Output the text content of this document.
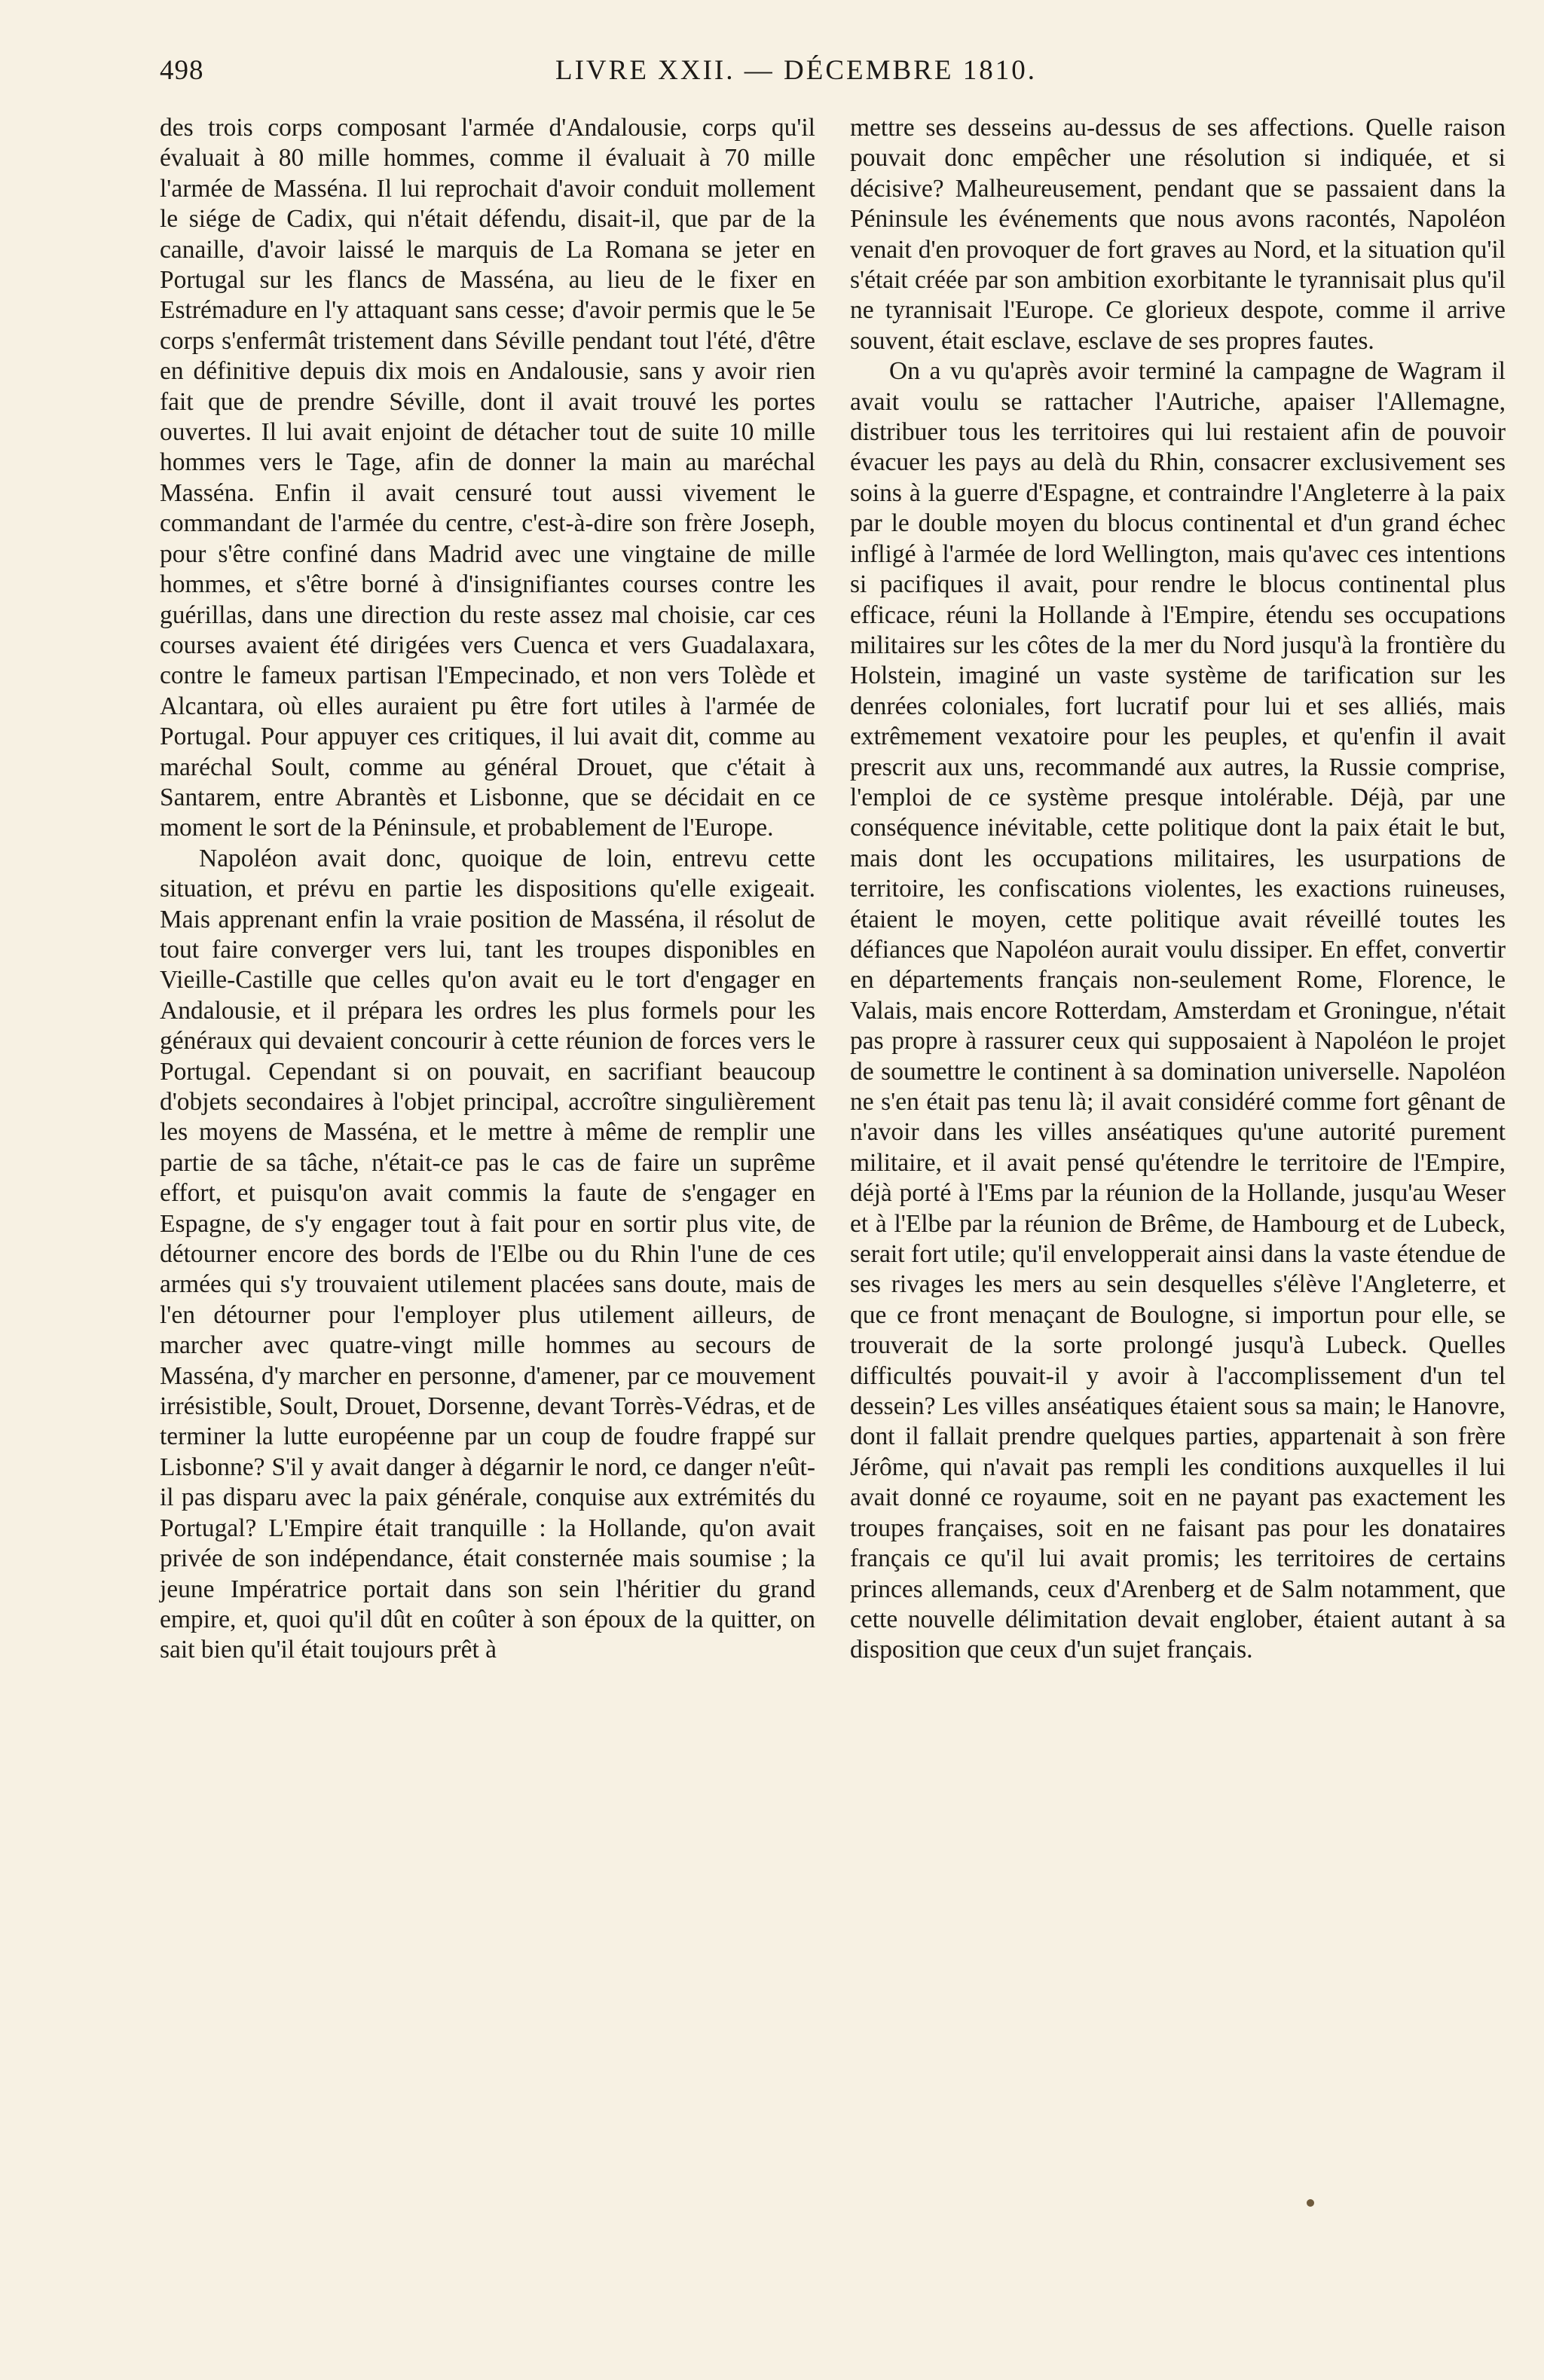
498	LIVRE XXII. — DÉCEMBRE 1810.

des trois corps composant l'armée d'Andalousie, corps qu'il évaluait à 80 mille hommes, comme il évaluait à 70 mille l'armée de Masséna. Il lui reprochait d'avoir conduit mollement le siége de Cadix, qui n'était défendu, disait-il, que par de la canaille, d'avoir laissé le marquis de La Romana se jeter en Portugal sur les flancs de Masséna, au lieu de le fixer en Estrémadure en l'y attaquant sans cesse; d'avoir permis que le 5e corps s'enfermât tristement dans Séville pendant tout l'été, d'être en définitive depuis dix mois en Andalousie, sans y avoir rien fait que de prendre Séville, dont il avait trouvé les portes ouvertes. Il lui avait enjoint de détacher tout de suite 10 mille hommes vers le Tage, afin de donner la main au maréchal Masséna. Enfin il avait censuré tout aussi vivement le commandant de l'armée du centre, c'est-à-dire son frère Joseph, pour s'être confiné dans Madrid avec une vingtaine de mille hommes, et s'être borné à d'insignifiantes courses contre les guérillas, dans une direction du reste assez mal choisie, car ces courses avaient été dirigées vers Cuenca et vers Guadalaxara, contre le fameux partisan l'Empecinado, et non vers Tolède et Alcantara, où elles auraient pu être fort utiles à l'armée de Portugal. Pour appuyer ces critiques, il lui avait dit, comme au maréchal Soult, comme au général Drouet, que c'était à Santarem, entre Abrantès et Lisbonne, que se décidait en ce moment le sort de la Péninsule, et probablement de l'Europe.

Napoléon avait donc, quoique de loin, entrevu cette situation, et prévu en partie les dispositions qu'elle exigeait. Mais apprenant enfin la vraie position de Masséna, il résolut de tout faire converger vers lui, tant les troupes disponibles en Vieille-Castille que celles qu'on avait eu le tort d'engager en Andalousie, et il prépara les ordres les plus formels pour les généraux qui devaient concourir à cette réunion de forces vers le Portugal. Cependant si on pouvait, en sacrifiant beaucoup d'objets secondaires à l'objet principal, accroître singulièrement les moyens de Masséna, et le mettre à même de remplir une partie de sa tâche, n'était-ce pas le cas de faire un suprême effort, et puisqu'on avait commis la faute de s'engager en Espagne, de s'y engager tout à fait pour en sortir plus vite, de détourner encore des bords de l'Elbe ou du Rhin l'une de ces armées qui s'y trouvaient utilement placées sans doute, mais de l'en détourner pour l'employer plus utilement ailleurs, de marcher avec quatre-vingt mille hommes au secours de Masséna, d'y marcher en personne, d'amener, par ce mouvement irrésistible, Soult, Drouet, Dorsenne, devant Torrès-Védras, et de terminer la lutte européenne par un coup de foudre frappé sur Lisbonne? S'il y avait danger à dégarnir le nord, ce danger n'eût-il pas disparu avec la paix générale, conquise aux extrémités du Portugal? L'Empire était tranquille : la Hollande, qu'on avait privée de son indépendance, était consternée mais soumise ; la jeune Impératrice portait dans son sein l'héritier du grand empire, et, quoi qu'il dût en coûter à son époux de la quitter, on sait bien qu'il était toujours prêt à

mettre ses desseins au-dessus de ses affections. Quelle raison pouvait donc empêcher une résolution si indiquée, et si décisive? Malheureusement, pendant que se passaient dans la Péninsule les événements que nous avons racontés, Napoléon venait d'en provoquer de fort graves au Nord, et la situation qu'il s'était créée par son ambition exorbitante le tyrannisait plus qu'il ne tyrannisait l'Europe. Ce glorieux despote, comme il arrive souvent, était esclave, esclave de ses propres fautes.

On a vu qu'après avoir terminé la campagne de Wagram il avait voulu se rattacher l'Autriche, apaiser l'Allemagne, distribuer tous les territoires qui lui restaient afin de pouvoir évacuer les pays au delà du Rhin, consacrer exclusivement ses soins à la guerre d'Espagne, et contraindre l'Angleterre à la paix par le double moyen du blocus continental et d'un grand échec infligé à l'armée de lord Wellington, mais qu'avec ces intentions si pacifiques il avait, pour rendre le blocus continental plus efficace, réuni la Hollande à l'Empire, étendu ses occupations militaires sur les côtes de la mer du Nord jusqu'à la frontière du Holstein, imaginé un vaste système de tarification sur les denrées coloniales, fort lucratif pour lui et ses alliés, mais extrêmement vexatoire pour les peuples, et qu'enfin il avait prescrit aux uns, recommandé aux autres, la Russie comprise, l'emploi de ce système presque intolérable. Déjà, par une conséquence inévitable, cette politique dont la paix était le but, mais dont les occupations militaires, les usurpations de territoire, les confiscations violentes, les exactions ruineuses, étaient le moyen, cette politique avait réveillé toutes les défiances que Napoléon aurait voulu dissiper. En effet, convertir en départements français non-seulement Rome, Florence, le Valais, mais encore Rotterdam, Amsterdam et Groningue, n'était pas propre à rassurer ceux qui supposaient à Napoléon le projet de soumettre le continent à sa domination universelle. Napoléon ne s'en était pas tenu là; il avait considéré comme fort gênant de n'avoir dans les villes anséatiques qu'une autorité purement militaire, et il avait pensé qu'étendre le territoire de l'Empire, déjà porté à l'Ems par la réunion de la Hollande, jusqu'au Weser et à l'Elbe par la réunion de Brême, de Hambourg et de Lubeck, serait fort utile; qu'il envelopperait ainsi dans la vaste étendue de ses rivages les mers au sein desquelles s'élève l'Angleterre, et que ce front menaçant de Boulogne, si importun pour elle, se trouverait de la sorte prolongé jusqu'à Lubeck. Quelles difficultés pouvait-il y avoir à l'accomplissement d'un tel dessein? Les villes anséatiques étaient sous sa main; le Hanovre, dont il fallait prendre quelques parties, appartenait à son frère Jérôme, qui n'avait pas rempli les conditions auxquelles il lui avait donné ce royaume, soit en ne payant pas exactement les troupes françaises, soit en ne faisant pas pour les donataires français ce qu'il lui avait promis; les territoires de certains princes allemands, ceux d'Arenberg et de Salm notamment, que cette nouvelle délimitation devait englober, étaient autant à sa disposition que ceux d'un sujet français.
